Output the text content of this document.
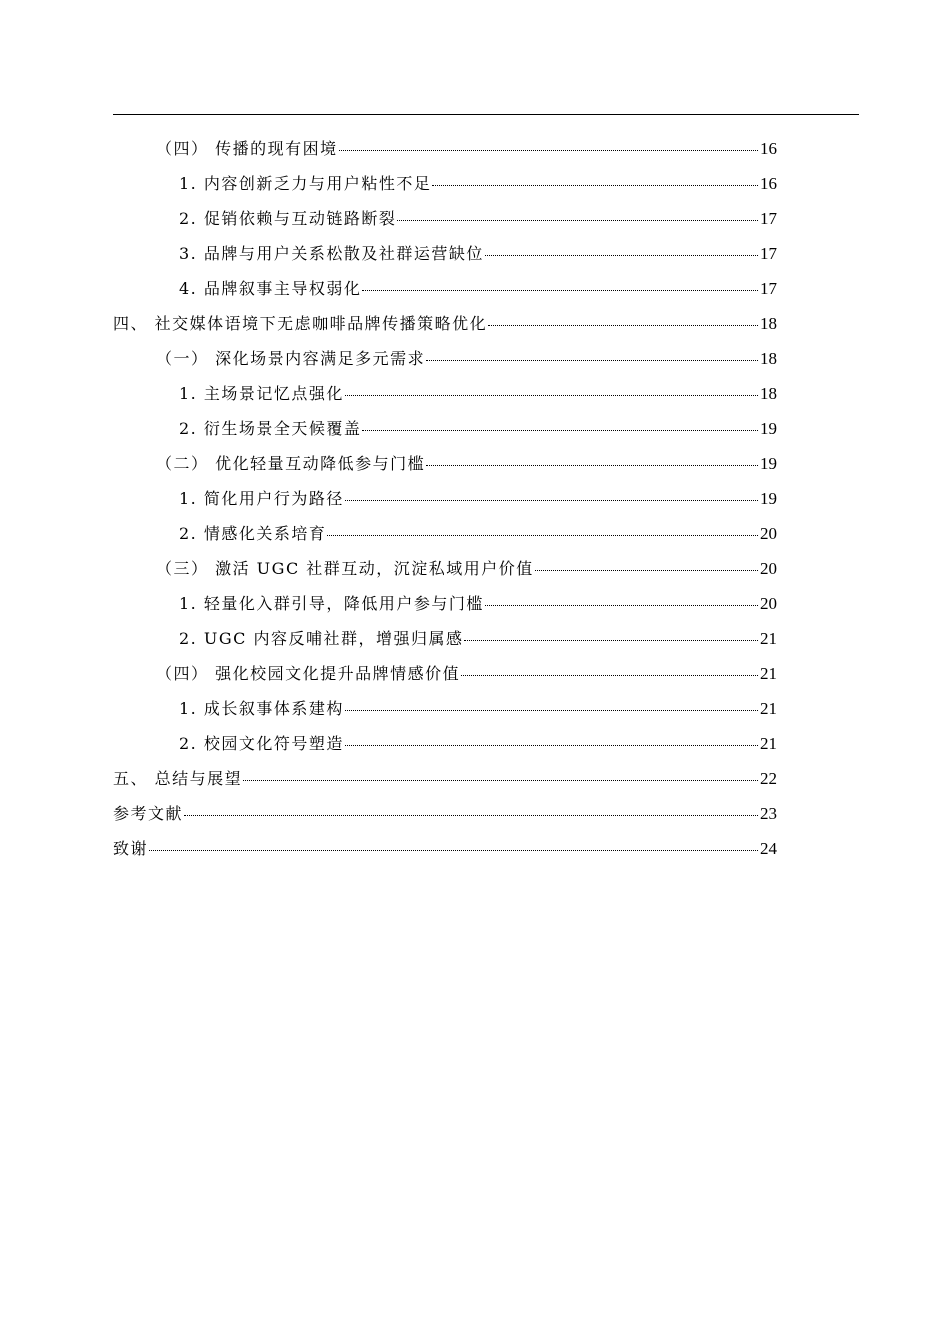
（四） 传播的现有困境	16
1. 内容创新乏力与用户粘性不足	16
2. 促销依赖与互动链路断裂	17
3. 品牌与用户关系松散及社群运营缺位	17
4. 品牌叙事主导权弱化	17
四、 社交媒体语境下无虑咖啡品牌传播策略优化	18
（一） 深化场景内容满足多元需求	18
1. 主场景记忆点强化	18
2. 衍生场景全天候覆盖	19
（二） 优化轻量互动降低参与门槛	19
1. 简化用户行为路径	19
2. 情感化关系培育	20
（三） 激活 UGC 社群互动，沉淀私域用户价值	20
1. 轻量化入群引导，降低用户参与门槛	20
2. UGC 内容反哺社群，增强归属感	21
（四） 强化校园文化提升品牌情感价值	21
1. 成长叙事体系建构	21
2. 校园文化符号塑造	21
五、 总结与展望	22
参考文献	23
致谢	24
